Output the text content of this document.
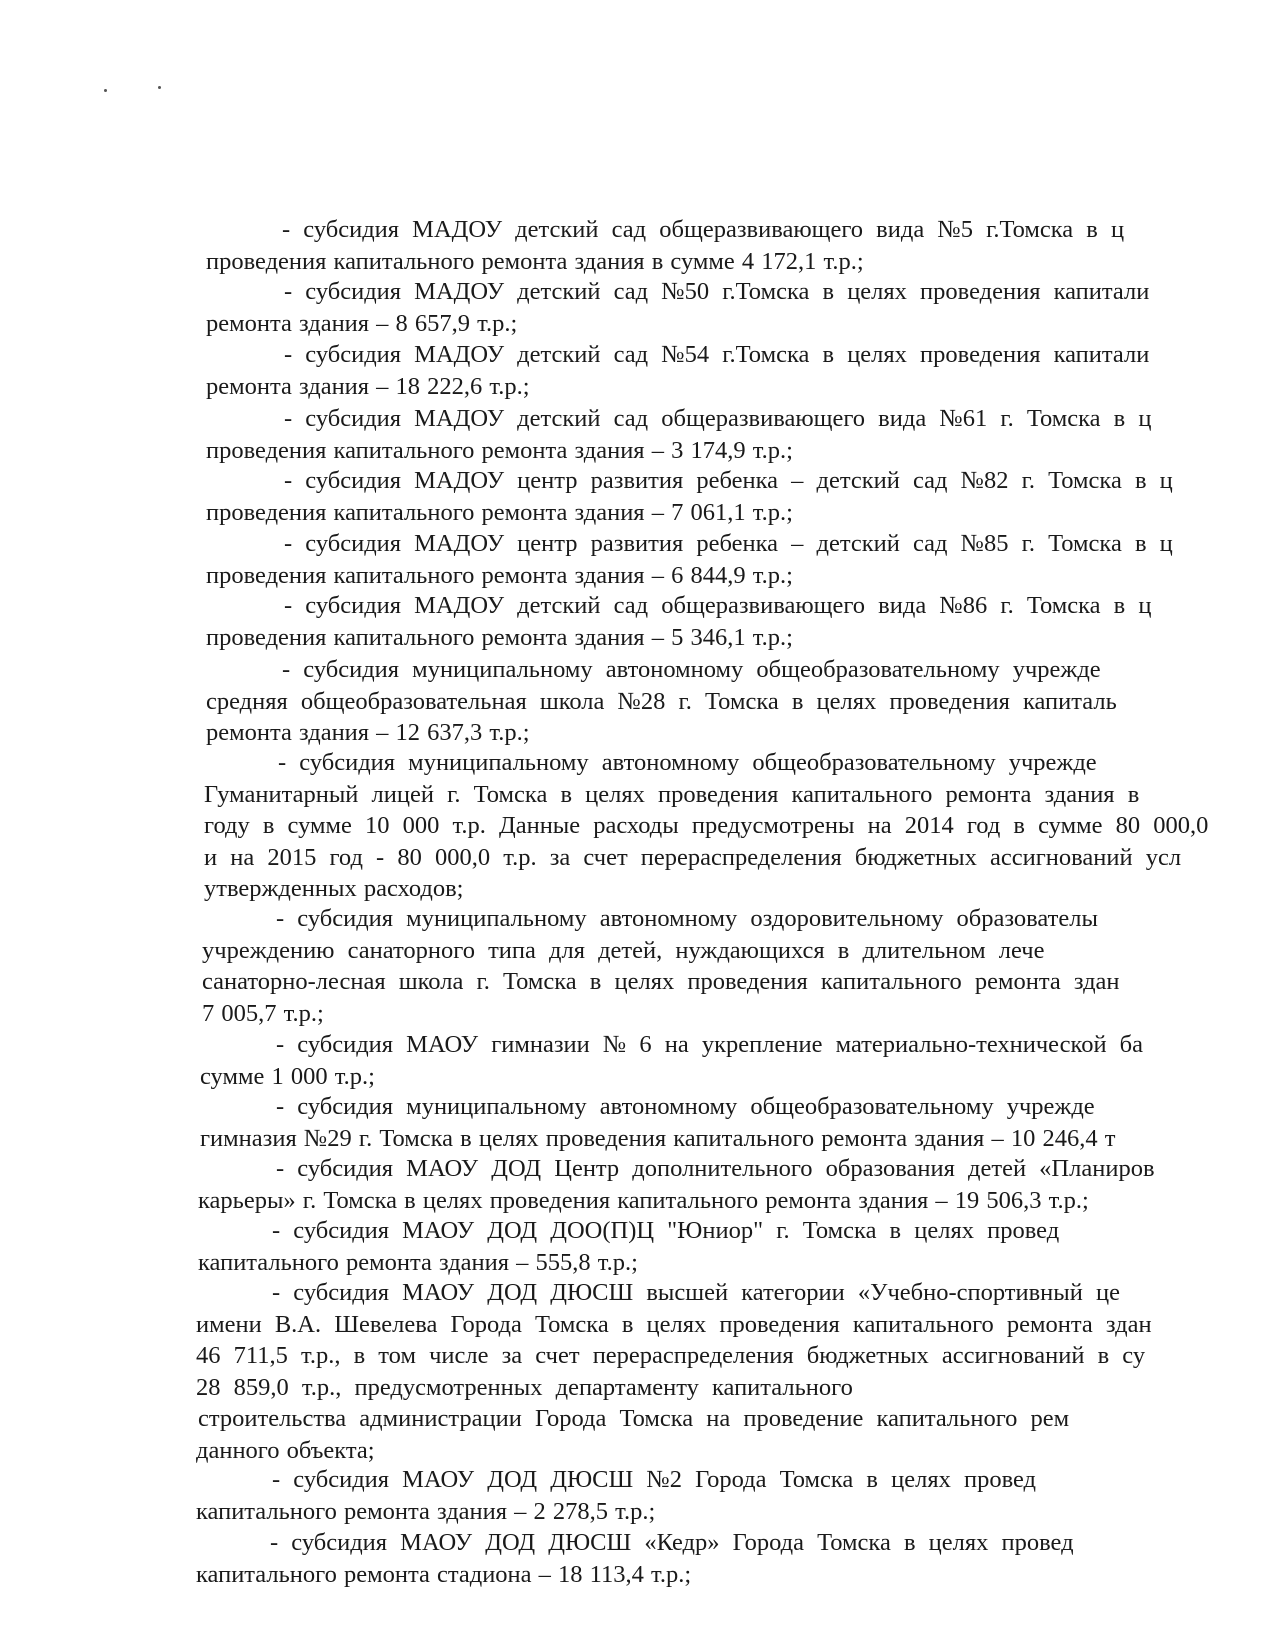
- субсидия МАДОУ детский сад общеразвивающего вида №5 г.Томска в ц
проведения капитального ремонта здания в сумме 4 172,1 т.р.;
- субсидия МАДОУ детский сад №50 г.Томска в целях проведения капитали
ремонта здания – 8 657,9 т.р.;
- субсидия МАДОУ детский сад №54 г.Томска в целях проведения капитали
ремонта здания – 18 222,6 т.р.;
- субсидия МАДОУ детский сад общеразвивающего вида №61 г. Томска в ц
проведения капитального ремонта здания – 3 174,9 т.р.;
- субсидия МАДОУ центр развития ребенка – детский сад №82 г. Томска в ц
проведения капитального ремонта здания – 7 061,1 т.р.;
- субсидия МАДОУ центр развития ребенка – детский сад №85 г. Томска в ц
проведения капитального ремонта здания – 6 844,9 т.р.;
- субсидия МАДОУ детский сад общеразвивающего вида №86 г. Томска в ц
проведения капитального ремонта здания – 5 346,1 т.р.;
- субсидия муниципальному автономному общеобразовательному учрежде
средняя общеобразовательная школа №28 г. Томска в целях проведения капиталь
ремонта здания – 12 637,3 т.р.;
- субсидия муниципальному автономному общеобразовательному учрежде
Гуманитарный лицей г. Томска в целях проведения капитального ремонта здания в
году в сумме 10 000 т.р. Данные расходы предусмотрены на 2014 год в сумме 80 000,0
и на 2015 год - 80 000,0 т.р. за счет перераспределения бюджетных ассигнований усл
утвержденных расходов;
- субсидия муниципальному автономному оздоровительному образователы
учреждению санаторного типа для детей, нуждающихся в длительном лече
санаторно-лесная школа г. Томска в целях проведения капитального ремонта здан
7 005,7 т.р.;
- субсидия МАОУ гимназии № 6 на укрепление материально-технической ба
сумме 1 000 т.р.;
- субсидия муниципальному автономному общеобразовательному учрежде
гимназия №29 г. Томска в целях проведения капитального ремонта здания – 10 246,4 т
- субсидия МАОУ ДОД Центр дополнительного образования детей «Планиров
карьеры» г. Томска в целях проведения капитального ремонта здания – 19 506,3 т.р.;
- субсидия МАОУ ДОД ДОО(П)Ц "Юниор" г. Томска в целях провед
капитального ремонта здания – 555,8 т.р.;
- субсидия МАОУ ДОД ДЮСШ высшей категории «Учебно-спортивный це
имени В.А. Шевелева Города Томска в целях проведения капитального ремонта здан
46 711,5 т.р., в том числе за счет перераспределения бюджетных ассигнований в су
28 859,0 т.р., предусмотренных департаменту капитального
строительства администрации Города Томска на проведение капитального рем
данного объекта;
- субсидия МАОУ ДОД ДЮСШ №2 Города Томска в целях провед
капитального ремонта здания – 2 278,5 т.р.;
- субсидия МАОУ ДОД ДЮСШ «Кедр» Города Томска в целях провед
капитального ремонта стадиона – 18 113,4 т.р.;
